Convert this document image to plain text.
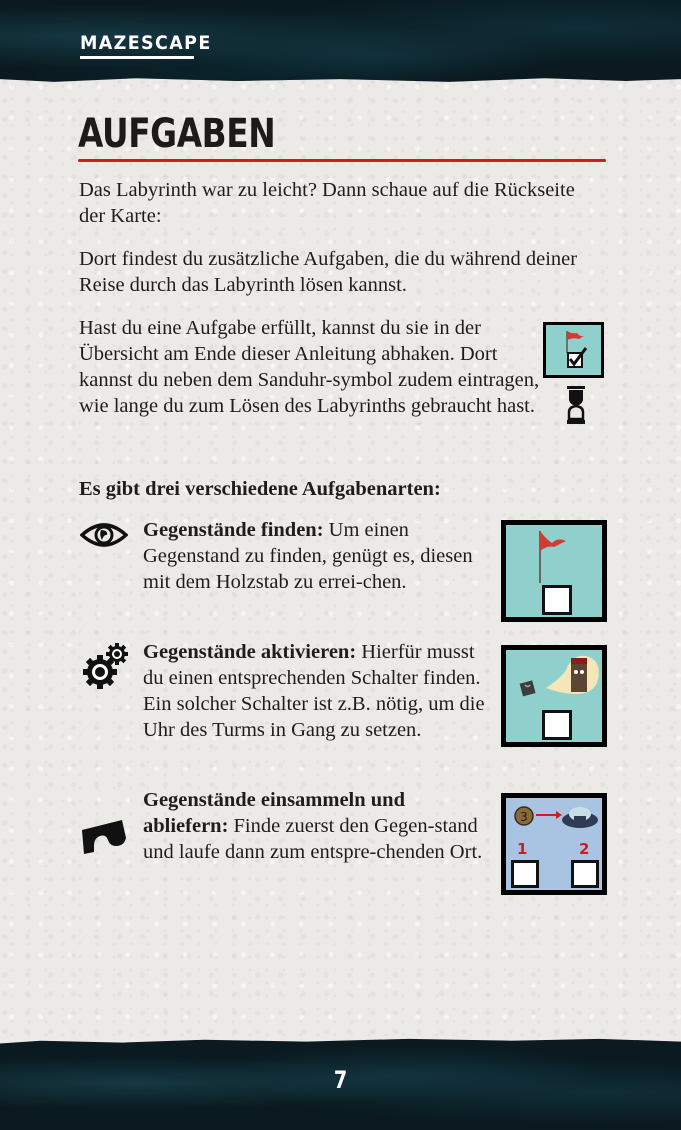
MAZESCAPE
AUFGABEN

Das Labyrinth war zu leicht? Dann schaue auf die Rückseite der Karte:

Dort findest du zusätzliche Aufgaben, die du während deiner Reise durch das Labyrinth lösen kannst.

Hast du eine Aufgabe erfüllt, kannst du sie in der Übersicht am Ende dieser Anleitung abhaken. Dort kannst du neben dem Sanduhr-symbol zudem eintragen, wie lange du zum Lösen des Labyrinths gebraucht hast.

Es gibt drei verschiedene Aufgabenarten:

Gegenstände finden: Um einen Gegenstand zu finden, genügt es, diesen mit dem Holzstab zu errei-chen.

Gegenstände aktivieren: Hierfür musst du einen entsprechenden Schalter finden. Ein solcher Schalter ist z.B. nötig, um die Uhr des Turms in Gang zu setzen.

Gegenstände einsammeln und abliefern: Finde zuerst den Gegen-stand und laufe dann zum entspre-chenden Ort.

3
1	2
7
